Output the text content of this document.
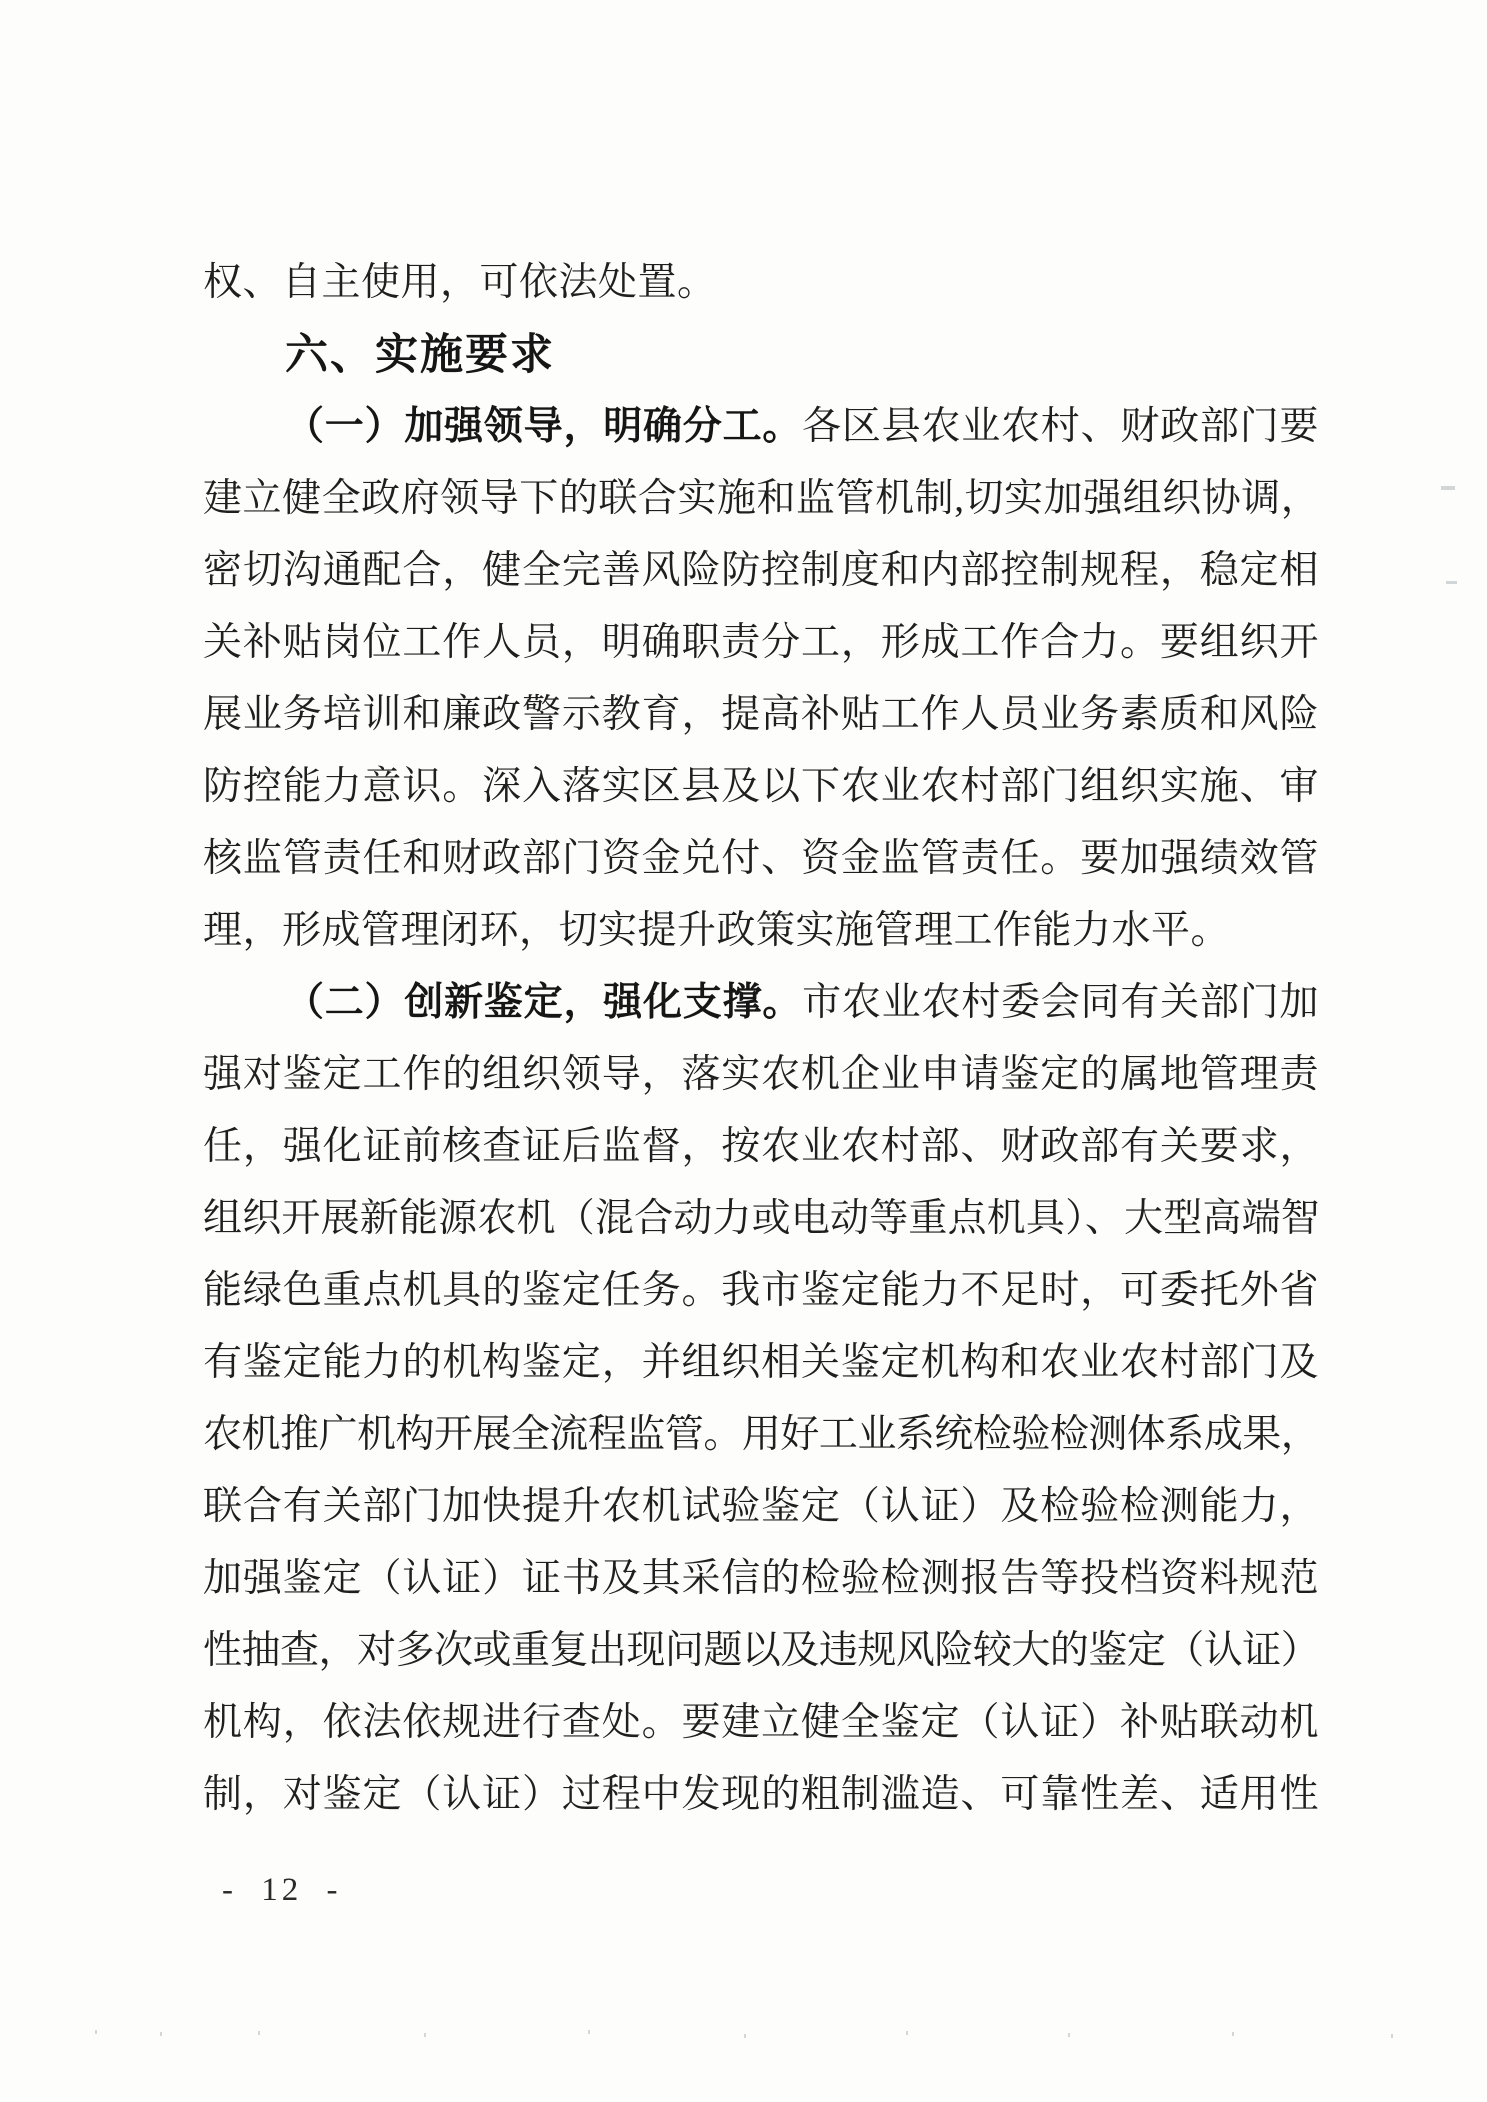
权、自主使用，可依法处置。
六、实施要求
（一）加强领导，明确分工。各区县农业农村、财政部门要
建立健全政府领导下的联合实施和监管机制,切实加强组织协调，
密切沟通配合，健全完善风险防控制度和内部控制规程，稳定相
关补贴岗位工作人员，明确职责分工，形成工作合力。要组织开
展业务培训和廉政警示教育，提高补贴工作人员业务素质和风险
防控能力意识。深入落实区县及以下农业农村部门组织实施、审
核监管责任和财政部门资金兑付、资金监管责任。要加强绩效管
理，形成管理闭环，切实提升政策实施管理工作能力水平。
（二）创新鉴定，强化支撑。市农业农村委会同有关部门加
强对鉴定工作的组织领导，落实农机企业申请鉴定的属地管理责
任，强化证前核查证后监督，按农业农村部、财政部有关要求，
组织开展新能源农机（混合动力或电动等重点机具）、大型高端智
能绿色重点机具的鉴定任务。我市鉴定能力不足时，可委托外省
有鉴定能力的机构鉴定，并组织相关鉴定机构和农业农村部门及
农机推广机构开展全流程监管。用好工业系统检验检测体系成果，
联合有关部门加快提升农机试验鉴定（认证）及检验检测能力，
加强鉴定（认证）证书及其采信的检验检测报告等投档资料规范
性抽查，对多次或重复出现问题以及违规风险较大的鉴定（认证）
机构，依法依规进行查处。要建立健全鉴定（认证）补贴联动机
制，对鉴定（认证）过程中发现的粗制滥造、可靠性差、适用性
- 12 -
